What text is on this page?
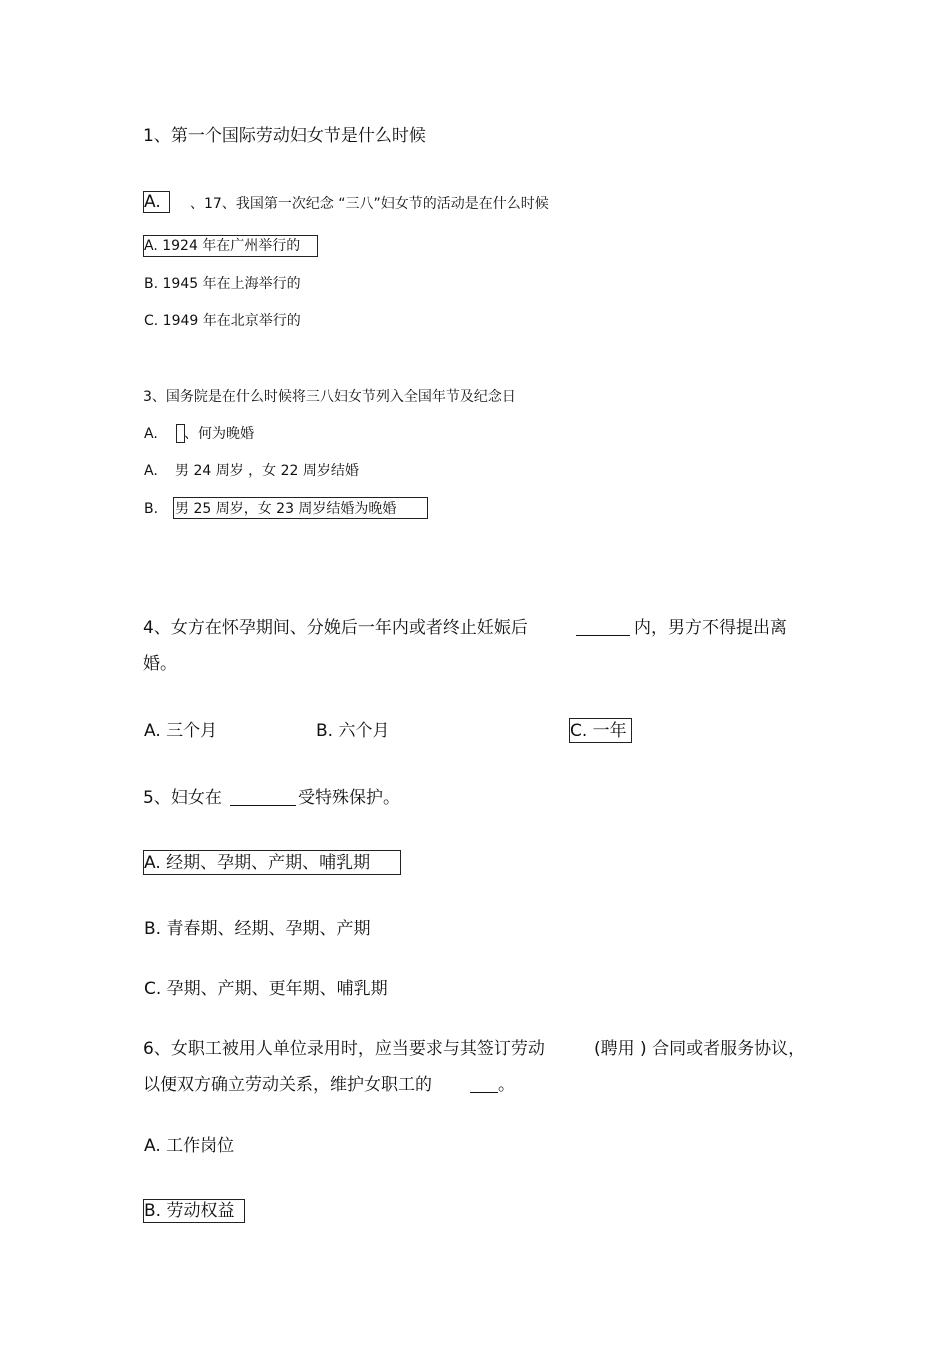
1、第一个国际劳动妇女节是什么时候
A. 、17、我国第一次纪念 “三八”妇女节的活动是在什么时候
A. 1924 年在广州举行的
B. 1945 年在上海举行的
C. 1949 年在北京举行的
3、国务院是在什么时候将三八妇女节列入全国年节及纪念日
A. 、何为晚婚
A. 男 24 周岁 ，女 22 周岁结婚
B. 男 25 周岁，女 23 周岁结婚为晚婚
4、女方在怀孕期间、分娩后一年内或者终止妊娠后	内，男方不得提出离
婚。
A. 三个月	B. 六个月	C. 一年
5、妇女在	受特殊保护。
A. 经期、孕期、产期、哺乳期
B. 青春期、经期、孕期、产期
C. 孕期、产期、更年期、哺乳期
6、女职工被用人单位录用时，应当要求与其签订劳动	(聘用 ) 合同或者服务协议，
以便双方确立劳动关系，维护女职工的	。
A. 工作岗位
B. 劳动权益
